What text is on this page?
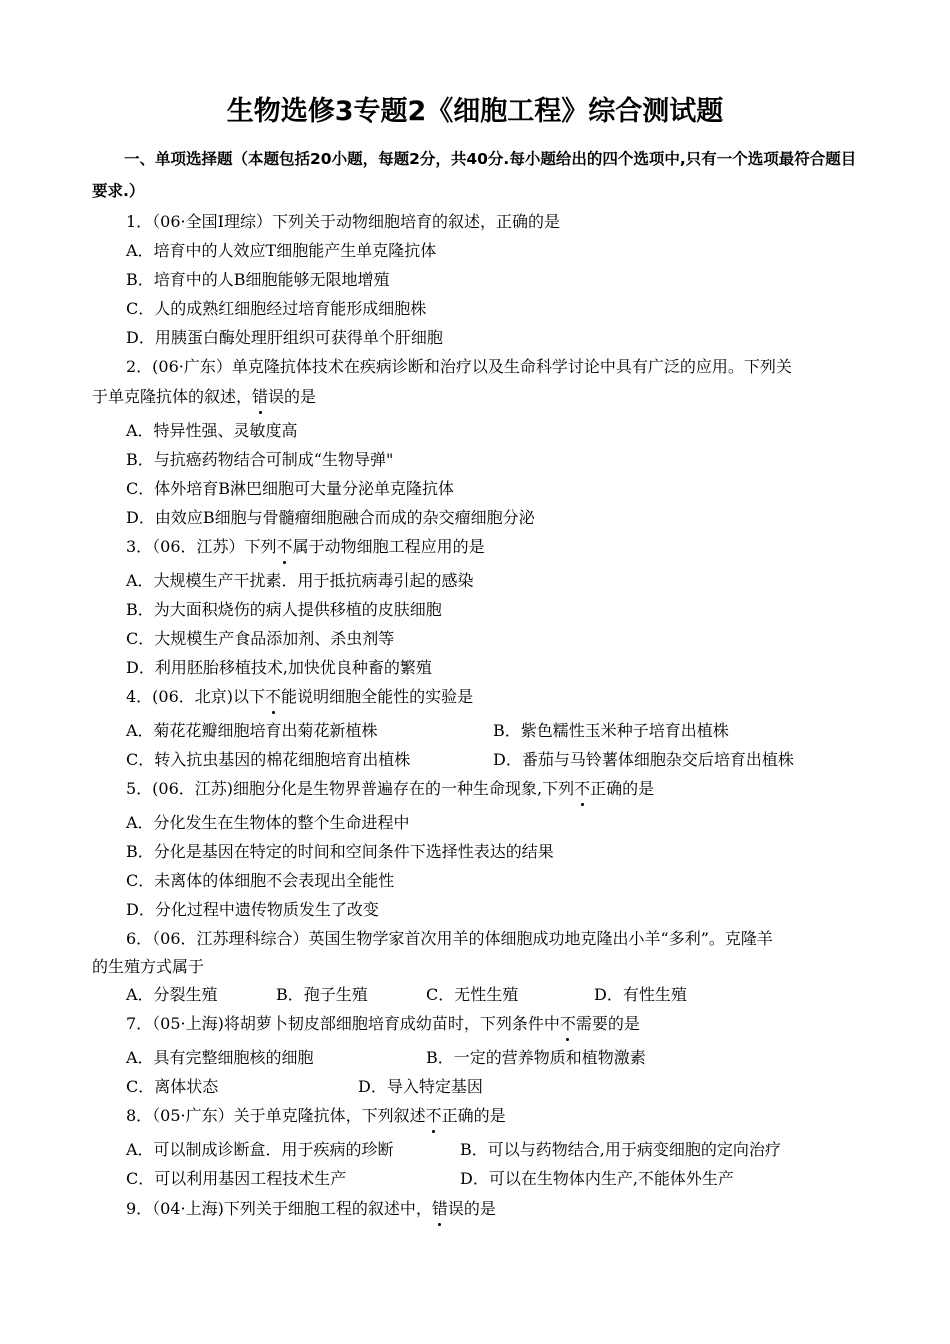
生物选修3专题2《细胞工程》综合测试题
一、单项选择题（本题包括20小题，每题2分，共40分.每小题给出的四个选项中,只有一个选项最符合题目要求.）
1．（06·全国Ⅰ理综）下列关于动物细胞培育的叙述，正确的是
A．培育中的人效应T细胞能产生单克隆抗体
B．培育中的人B细胞能够无限地增殖
C．人的成熟红细胞经过培育能形成细胞株
D．用胰蛋白酶处理肝组织可获得单个肝细胞
2．(06·广东）单克隆抗体技术在疾病诊断和治疗以及生命科学讨论中具有广泛的应用。下列关
于单克隆抗体的叙述，错误的是
A．特异性强、灵敏度高
B．与抗癌药物结合可制成“生物导弹"
C．体外培育B淋巴细胞可大量分泌单克隆抗体
D．由效应B细胞与骨髓瘤细胞融合而成的杂交瘤细胞分泌
3．（06．江苏）下列不属于动物细胞工程应用的是
A．大规模生产干扰素．用于抵抗病毒引起的感染
B．为大面积烧伤的病人提供移植的皮肤细胞
C．大规模生产食品添加剂、杀虫剂等
D．利用胚胎移植技术,加快优良种畜的繁殖
4．(06．北京)以下不能说明细胞全能性的实验是
A．菊花花瓣细胞培育出菊花新植株	B．紫色糯性玉米种子培育出植株
C．转入抗虫基因的棉花细胞培育出植株	D．番茄与马铃薯体细胞杂交后培育出植株
5．(06．江苏)细胞分化是生物界普遍存在的一种生命现象,下列不正确的是
A．分化发生在生物体的整个生命进程中
B．分化是基因在特定的时间和空间条件下选择性表达的结果
C．未离体的体细胞不会表现出全能性
D．分化过程中遗传物质发生了改变
6．（06．江苏理科综合）英国生物学家首次用羊的体细胞成功地克隆出小羊“多利”。克隆羊
的生殖方式属于
A．分裂生殖	B．孢子生殖	C．无性生殖	D．有性生殖
7．（05·上海)将胡萝卜韧皮部细胞培育成幼苗时，下列条件中不需要的是
A．具有完整细胞核的细胞	B．一定的营养物质和植物激素
C．离体状态	D．导入特定基因
8．（05·广东）关于单克隆抗体，下列叙述不正确的是
A．可以制成诊断盒．用于疾病的珍断	B．可以与药物结合,用于病变细胞的定向治疗
C．可以利用基因工程技术生产	D．可以在生物体内生产,不能体外生产
9．（04·上海)下列关于细胞工程的叙述中，错误的是
